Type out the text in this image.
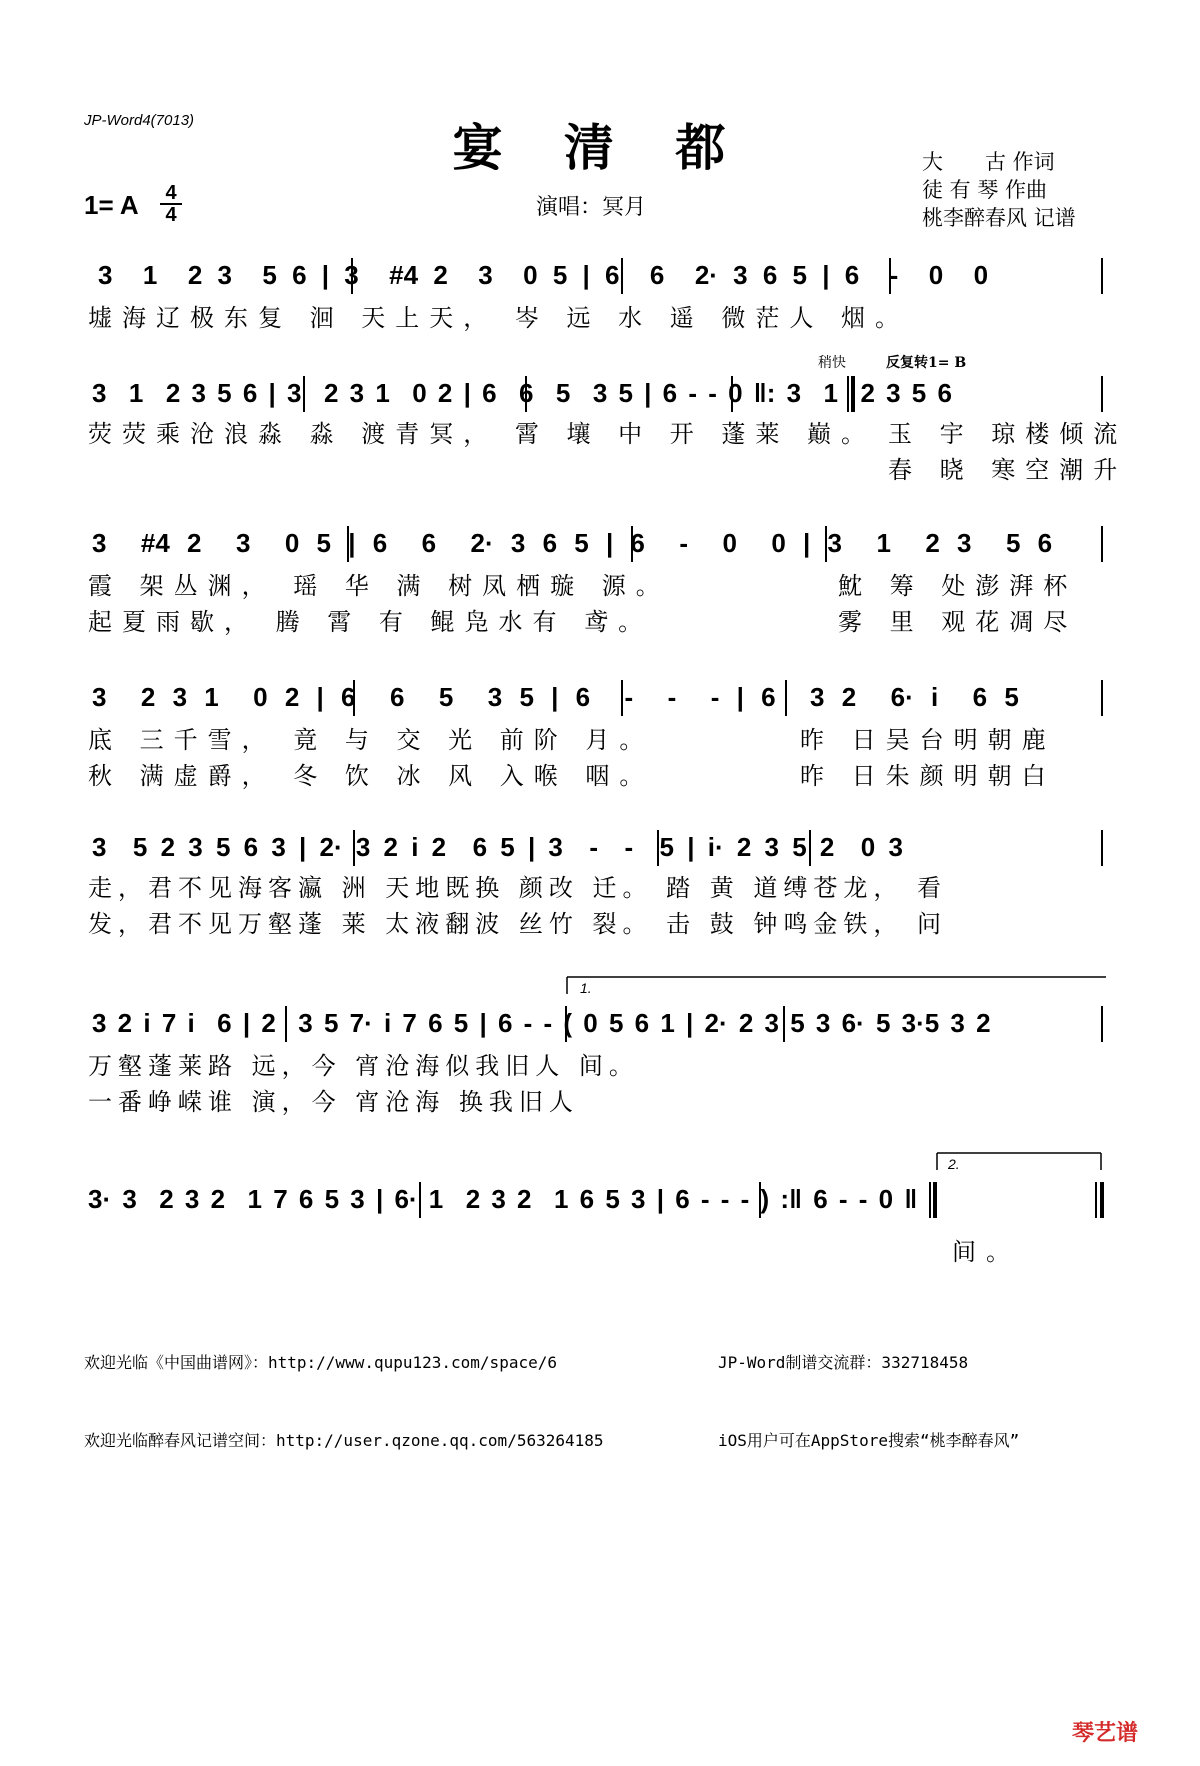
JP-Word4(7013)	宴 清 都
1= A 4
4	演唱：冥月
大　　古 作词
徒 有 琴 作曲
桃李醉春风 记谱
3  1  2 3  5 6 | 3  #4 2  3  0 5 | 6  6  2· 3 6 5 | 6  -  0  0
墟海辽极东复 洄 天上天， 岑 远 水 遥 微茫人 烟。
稍快	反复转1= B
3  1  2 3 5 6 | 3  2 3 1  0 2 | 6  6  5  3 5 | 6 - - 0 ‖: 3  1  2 3 5 6
荧荧乘沧浪淼 淼 渡青冥， 霄 壤 中 开 蓬莱 巅。 玉 宇 琼楼倾流
春 晓 寒空潮升
3  #4 2  3  0 5 | 6  6  2· 3 6 5 | 6  -  0  0 | 3  1  2 3  5 6
霞 架丛渊， 瑶 华 满 树凤栖璇 源。	魫 筹 处澎湃杯
起夏雨歇， 腾 霄 有 鲲凫水有 鸢。	雾 里 观花凋尽
3  2 3 1  0 2 | 6  6  5  3 5 | 6  -  -  - | 6  3 2  6· i  6 5
底 三千雪， 竟 与 交 光 前阶 月。	昨 日吴台明朝鹿
秋 满虚爵， 冬 饮 冰 风 入喉 咽。	昨 日朱颜明朝白
3  5 2 3 5 6 3 | 2· 3 2 i 2  6 5 | 3  -  -  5 | i· 2 3 5 2  0 3
走，君不见海客瀛 洲 天地既换 颜改 迁。 踏 黄 道缚苍龙， 看
发，君不见万壑蓬 莱 太液翻波 丝竹 裂。 击 鼓 钟鸣金铁， 问
1.
3 2 i 7 i  6 | 2  3 5 7· i 7 6 5 | 6 - - ( 0 5 6 1 | 2· 2 3 5 3 6· 5 3·5 3 2
万壑蓬莱路 远，今 宵沧海似我旧人 间。
一番峥嵘谁 演，今 宵沧海 换我旧人
2.
3· 3  2 3 2  1 7 6 5 3 | 6· 1  2 3 2  1 6 5 3 | 6 - - - ) :‖ 6 - - 0 ‖
间。

欢迎光临《中国曲谱网》：http://www.qupu123.com/space/6

欢迎光临醉春风记谱空间：http://user.qzone.qq.com/563264185

JP-Word制谱交流群：332718458

iOS用户可在AppStore搜索“桃李醉春风”

琴艺谱
